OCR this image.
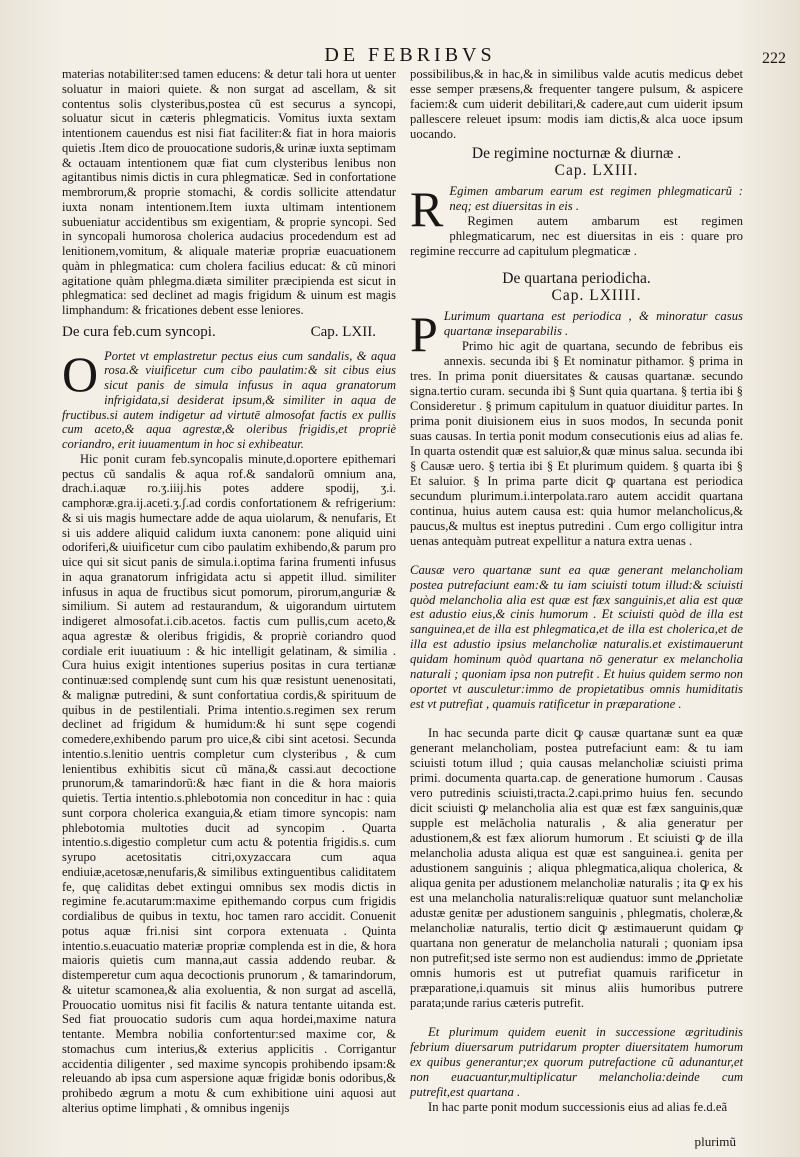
DE FEBRIBVS	222

materias notabiliter:sed tamen educens: & detur tali hora ut uenter soluatur in maiori quiete. & non surgat ad ascellam, & sit contentus solis clysteribus,postea cũ est securus a syncopi, soluatur sicut in cæteris phlegmaticis. Vomitus iuxta sextam intentionem cauendus est nisi fiat faciliter:& fiat in hora maioris quietis .Item dico de prouocatione sudoris,& urinæ iuxta septimam & octauam intentionem quæ fiat cum clysteribus lenibus non agitantibus nimis dictis in cura phlegmaticæ. Sed in confortatione membrorum,& proprie stomachi, & cordis sollicite attendatur iuxta nonam intentionem.Item iuxta ultimam intentionem subueniatur accidentibus sm exigentiam, & proprie syncopi. Sed in syncopali humorosa cholerica audacius procedendum est ad lenitionem,vomitum, & aliquale materiæ propriæ euacuationem quàm in phlegmatica: cum cholera facilius educat: & cũ minori agitatione quàm phlegma.diæta similiter præcipienda est sicut in phlegmatica: sed declinet ad magis frigidum & uinum est magis limphandum: & fricationes debent esse leniores.

De cura feb.cum syncopi.	Cap. LXII.

O Portet vt emplastretur pectus eius cum sandalis, & aqua rosa.& viuificetur cum cibo paulatim:& sit cibus eius sicut panis de simula infusus in aqua granatorum infrigidata,si desiderat ipsum,& similiter in aqua de fructibus.si autem indigetur ad virtutē almosofat factis ex pullis cum aceto,& aqua agrestæ,& oleribus frigidis,et propriè coriandro, erit iuuamentum in hoc si exhibeatur.

Hic ponit curam feb.syncopalis minute,d.oportere epithemari pectus cũ sandalis & aqua rof.& sandalorũ omnium ana, drach.i.aquæ ro.ʒ.iiij.his potes addere spodij, ʒ.i. camphoræ.gra.ij.aceti.ʒ.ʃ.ad cordis confortationem & refrigerium: & si uis magis humectare adde de aqua uiolarum, & nenufaris, Et si uis addere aliquid calidum iuxta canonem: pone aliquid uini odoriferi,& uiuificetur cum cibo paulatim exhibendo,& parum pro uice qui sit sicut panis de simula.i.optima farina frumenti infusus in aqua granatorum infrigidata actu si appetit illud. similiter infusus in aqua de fructibus sicut pomorum, pirorum,anguriæ & similium. Si autem ad restaurandum, & uigorandum uirtutem indigeret almosofat.i.cib.acetos. factis cum pullis,cum aceto,& aqua agrestæ & oleribus frigidis, & propriè coriandro quod cordiale erit iuuatiuum : & hic intelligit gelatinam, & similia . Cura huius exigit intentiones superius positas in cura tertianæ continuæ:sed complendę sunt cum his quæ resistunt uenenositati, & malignæ putredini, & sunt confortatiua cordis,& spirituum de quibus in de pestilentiali. Prima intentio.s.regimen sex rerum declinet ad frigidum & humidum:& hi sunt sępe cogendi comedere,exhibendo parum pro uice,& cibi sint acetosi. Secunda intentio.s.lenitio uentris completur cum clysteribus , & cum lenientibus exhibitis sicut cũ māna,& cassi.aut decoctione prunorum,& tamarindorũ:& hæc fiant in die & hora maioris quietis. Tertia intentio.s.phlebotomia non conceditur in hac : quia sunt corpora cholerica exanguia,& etiam timore syncopis: nam phlebotomia multoties ducit ad syncopim . Quarta intentio.s.digestio completur cum actu & potentia frigidis.s. cum syrupo acetositatis citri,oxyzaccara cum aqua endiuiæ,acetosæ,nenufaris,& similibus extinguentibus caliditatem fe, quę caliditas debet extingui omnibus sex modis dictis in regimine fe.acutarum:maxime epithemando corpus cum frigidis cordialibus de quibus in textu, hoc tamen raro accidit. Conuenit potus aquæ fri.nisi sint corpora extenuata . Quinta intentio.s.euacuatio materiæ propriæ complenda est in die, & hora maioris quietis cum manna,aut cassia addendo reubar. & distemperetur cum aqua decoctionis prunorum , & tamarindorum, & uitetur scamonea,& alia exoluentia, & non surgat ad ascellā, Prouocatio uomitus nisi fit facilis & natura tentante uitanda est. Sed fiat prouocatio sudoris cum aqua hordei,maxime natura tentante. Membra nobilia confortentur:sed maxime cor, & stomachus cum interius,& exterius applicitis . Corrigantur accidentia diligenter , sed maxime syncopis prohibendo ipsam:& releuando ab ipsa cum aspersione aquæ frigidæ bonis odoribus,& prohibedo ægrum a motu & cum exhibitione uini aquosi aut alterius optime limphati , & omnibus ingenijs

possibilibus,& in hac,& in similibus valde acutis medicus debet esse semper præsens,& frequenter tangere pulsum, & aspicere faciem:& cum uiderit debilitari,& cadere,aut cum uiderit ipsum pallescere releuet ipsum: modis iam dictis,& alca uoce ipsum uocando.

De regimine nocturnæ & diurnæ .
Cap. LXIII.

R Egimen ambarum earum est regimen phlegmaticarũ : neq; est diuersitas in eis .

Regimen autem ambarum est regimen phlegmaticarum, nec est diuersitas in eis : quare pro regimine reccurre ad capitulum plegmaticæ .

De quartana periodicha.
Cap. LXIIII.

P Lurimum quartana est periodica , & minoratur casus quartanæ inseparabilis .

Primo hic agit de quartana, secundo de febribus eis annexis. secunda ibi § Et nominatur pithamor. § prima in tres. In prima ponit diuersitates & causas quartanæ. secundo signa.tertio curam. secunda ibi § Sunt quia quartana. § tertia ibi § Consideretur . § primum capitulum in quatuor diuiditur partes. In prima ponit diuisionem eius in suos modos, In secunda ponit suas causas. In tertia ponit modum consecutionis eius ad alias fe. In quarta ostendit quæ est saluior,& quæ minus salua. secunda ibi § Causæ uero. § tertia ibi § Et plurimum quidem. § quarta ibi § Et saluior. § In prima parte dicit ꝙ quartana est periodica secundum plurimum.i.interpolata.raro autem accidit quartana continua, huius autem causa est: quia humor melancholicus,& paucus,& multus est ineptus putredini . Cum ergo colligitur intra uenas antequàm putreat expellitur a natura extra uenas .

Causæ vero quartanæ sunt ea quæ generant melancholiam postea putrefaciunt eam:& tu iam sciuisti totum illud:& sciuisti quòd melancholia alia est quæ est fæx sanguinis,et alia est quæ est adustio eius,& cinis humorum . Et sciuisti quòd de illa est sanguinea,et de illa est phlegmatica,et de illa est cholerica,et de illa est adustio ipsius melancholiæ naturalis.et existimauerunt quidam hominum quòd quartana nō generatur ex melancholia naturali ; quoniam ipsa non putrefit . Et huius quidem sermo non oportet vt ausculetur:immo de propietatibus omnis humiditatis est vt putrefiat , quamuis ratificetur in præparatione .

In hac secunda parte dicit ꝙ causæ quartanæ sunt ea quæ generant melancholiam, postea putrefaciunt eam: & tu iam sciuisti totum illud ; quia causas melancholiæ sciuisti prima primi. documenta quarta.cap. de generatione humorum . Causas vero putredinis sciuisti,tracta.2.capi.primo huius fen. secundo dicit sciuisti ꝙ melancholia alia est quæ est fæx sanguinis,quæ supple est melãcholia naturalis , & alia generatur per adustionem,& est fæx aliorum humorum . Et sciuisti ꝙ de illa melancholia adusta aliqua est quæ est sanguinea.i. genita per adustionem sanguinis ; aliqua phlegmatica,aliqua cholerica, & aliqua genita per adustionem melancholiæ naturalis ; ita ꝙ ex his est una melancholia naturalis:reliquæ quatuor sunt melancholiæ adustæ genitæ per adustionem sanguinis , phlegmatis, choleræ,& melancholiæ naturalis, tertio dicit ꝙ æstimauerunt quidam ꝙ quartana non generatur de melancholia naturali ; quoniam ipsa non putrefit;sed iste sermo non est audiendus: immo de ꝓprietate omnis humoris est ut putrefiat quamuis rarificetur in præparatione,i.quamuis sit minus aliis humoribus putrere parata;unde rarius cæteris putrefit.

Et plurimum quidem euenit in successione ægritudinis febrium diuersarum putridarum propter diuersitatem humorum ex quibus generantur;ex quorum putrefactione cũ adunantur,et non euacuantur,multiplicatur melancholia:deinde cum putrefit,est quartana .

In hac parte ponit modum successionis eius ad alias fe.d.eã

plurimũ
